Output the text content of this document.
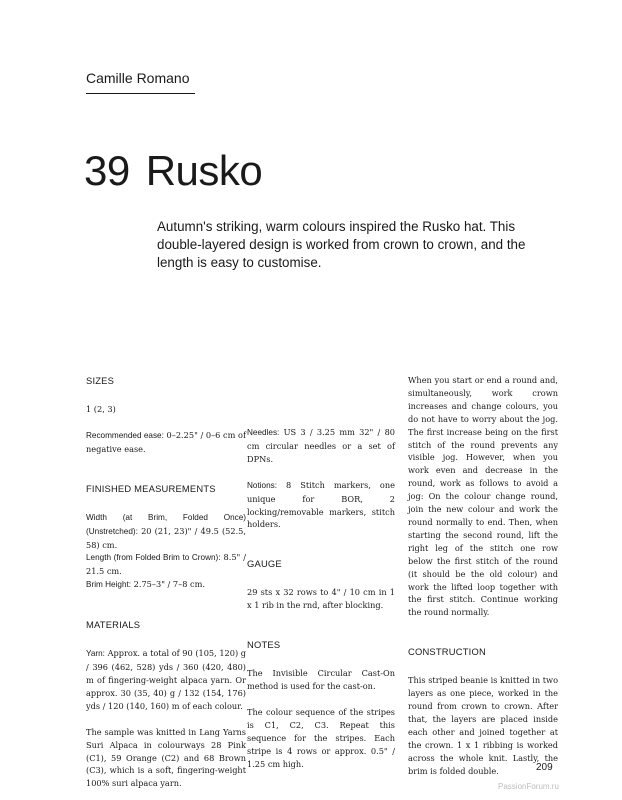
Camille Romano
39 Rusko
Autumn's striking, warm colours inspired the Rusko hat. This double-layered design is worked from crown to crown, and the length is easy to customise.
SIZES

1 (2, 3)

Recommended ease: 0–2.25" / 0–6 cm of negative ease.

FINISHED MEASUREMENTS

Width (at Brim, Folded Once) (Unstretched): 20 (21, 23)" / 49.5 (52.5, 58) cm.

Length (from Folded Brim to Crown): 8.5" / 21.5 cm.

Brim Height: 2.75–3" / 7–8 cm.

MATERIALS

Yarn: Approx. a total of 90 (105, 120) g / 396 (462, 528) yds / 360 (420, 480) m of fingering-weight alpaca yarn. Or approx. 30 (35, 40) g / 132 (154, 176) yds / 120 (140, 160) m of each colour.

The sample was knitted in Lang Yarns Suri Alpaca in colourways 28 Pink (C1), 59 Orange (C2) and 68 Brown (C3), which is a soft, fingering-weight 100% suri alpaca yarn.

Needles: US 3 / 3.25 mm 32" / 80 cm circular needles or a set of DPNs.

Notions: 8 Stitch markers, one unique for BOR, 2 locking/removable markers, stitch holders.

GAUGE

29 sts x 32 rows to 4" / 10 cm in 1 x 1 rib in the rnd, after blocking.

NOTES

The Invisible Circular Cast-On method is used for the cast-on.

The colour sequence of the stripes is C1, C2, C3. Repeat this sequence for the stripes. Each stripe is 4 rows or approx. 0.5" / 1.25 cm high.

When you start or end a round and, simultaneously, work crown increases and change colours, you do not have to worry about the jog. The first increase being on the first stitch of the round prevents any visible jog. However, when you work even and decrease in the round, work as follows to avoid a jog: On the colour change round, join the new colour and work the round normally to end. Then, when starting the second round, lift the right leg of the stitch one row below the first stitch of the round (it should be the old colour) and work the lifted loop together with the first stitch. Continue working the round normally.

CONSTRUCTION

This striped beanie is knitted in two layers as one piece, worked in the round from crown to crown. After that, the layers are placed inside each other and joined together at the crown. 1 x 1 ribbing is worked across the whole knit. Lastly, the brim is folded double.	209
PassionForum.ru
